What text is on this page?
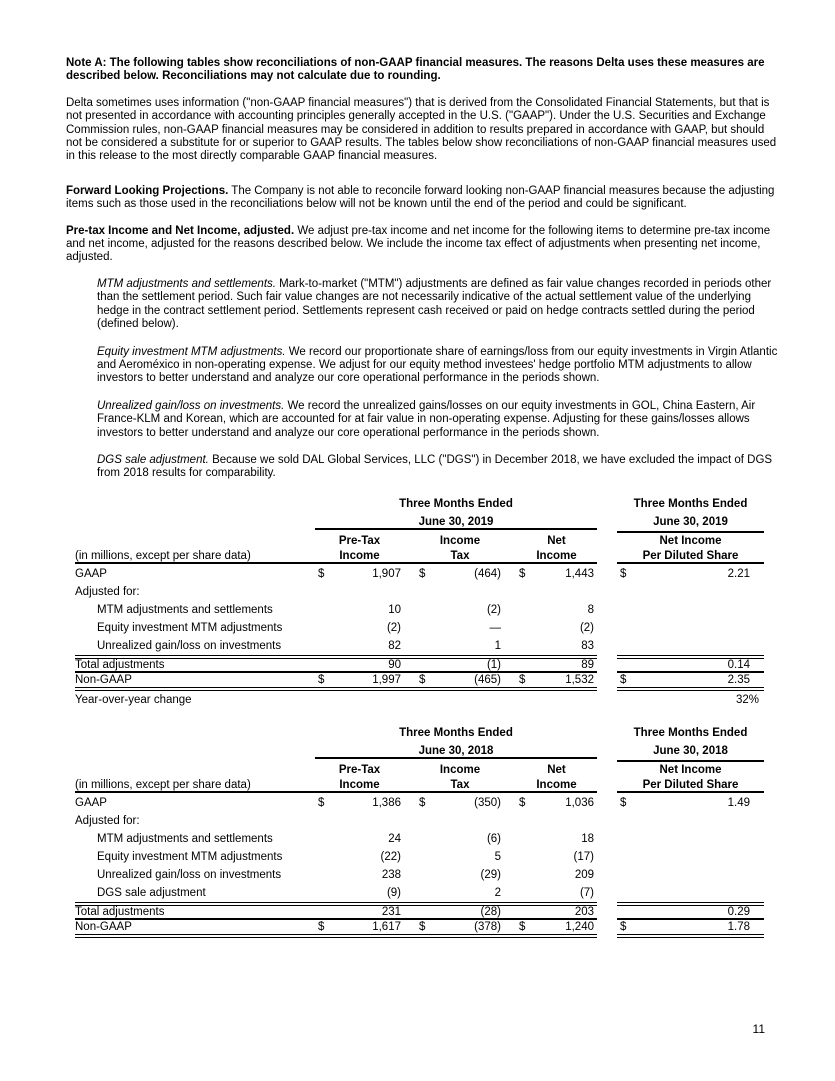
Note A: The following tables show reconciliations of non-GAAP financial measures. The reasons Delta uses these measures are described below. Reconciliations may not calculate due to rounding.

Delta sometimes uses information ("non-GAAP financial measures") that is derived from the Consolidated Financial Statements, but that is not presented in accordance with accounting principles generally accepted in the U.S. ("GAAP"). Under the U.S. Securities and Exchange Commission rules, non-GAAP financial measures may be considered in addition to results prepared in accordance with GAAP, but should not be considered a substitute for or superior to GAAP results. The tables below show reconciliations of non-GAAP financial measures used in this release to the most directly comparable GAAP financial measures.

Forward Looking Projections. The Company is not able to reconcile forward looking non-GAAP financial measures because the adjusting items such as those used in the reconciliations below will not be known until the end of the period and could be significant.

Pre-tax Income and Net Income, adjusted. We adjust pre-tax income and net income for the following items to determine pre-tax income and net income, adjusted for the reasons described below. We include the income tax effect of adjustments when presenting net income, adjusted.

MTM adjustments and settlements. Mark-to-market ("MTM") adjustments are defined as fair value changes recorded in periods other than the settlement period. Such fair value changes are not necessarily indicative of the actual settlement value of the underlying hedge in the contract settlement period. Settlements represent cash received or paid on hedge contracts settled during the period (defined below).

Equity investment MTM adjustments. We record our proportionate share of earnings/loss from our equity investments in Virgin Atlantic and Aeroméxico in non-operating expense. We adjust for our equity method investees' hedge portfolio MTM adjustments to allow investors to better understand and analyze our core operational performance in the periods shown.

Unrealized gain/loss on investments. We record the unrealized gains/losses on our equity investments in GOL, China Eastern, Air France-KLM and Korean, which are accounted for at fair value in non-operating expense. Adjusting for these gains/losses allows investors to better understand and analyze our core operational performance in the periods shown.

DGS sale adjustment. Because we sold DAL Global Services, LLC ("DGS") in December 2018, we have excluded the impact of DGS from 2018 results for comparability.

Three Months Ended	Three Months Ended
June 30, 2019	June 30, 2019
Pre-Tax	Income	Net	Net Income
(in millions, except per share data)	Income	Tax	Income	Per Diluted Share
GAAP	$	1,907 $	(464) $	1,443 $	2.21
Adjusted for:
MTM adjustments and settlements	10	(2)	8
Equity investment MTM adjustments	(2)	—	(2)
Unrealized gain/loss on investments	82	1	83
Total adjustments	90	(1)	89	0.14
Non-GAAP	$	1,997 $	(465) $	1,532 $	2.35
Year-over-year change	32%
Three Months Ended	Three Months Ended
June 30, 2018	June 30, 2018
Pre-Tax	Income	Net	Net Income
(in millions, except per share data)	Income	Tax	Income	Per Diluted Share
GAAP	$	1,386 $	(350) $	1,036 $	1.49
Adjusted for:
MTM adjustments and settlements	24	(6)	18
Equity investment MTM adjustments	(22)	5	(17)
Unrealized gain/loss on investments	238	(29)	209
DGS sale adjustment	(9)	2	(7)
Total adjustments	231	(28)	203	0.29
Non-GAAP	$	1,617 $	(378) $	1,240 $	1.78
11
